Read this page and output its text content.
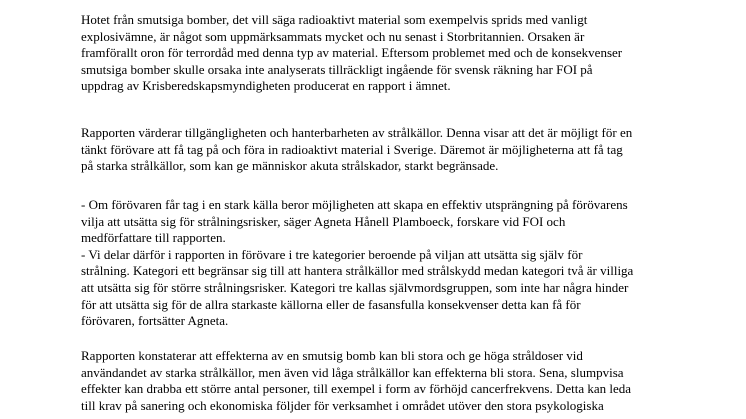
Hotet från smutsiga bomber, det vill säga radioaktivt material som exempelvis sprids med vanligt
explosivämne, är något som uppmärksammats mycket och nu senast i Storbritannien. Orsaken är
framförallt oron för terrordåd med denna typ av material. Eftersom problemet med och de konsekvenser
smutsiga bomber skulle orsaka inte analyserats tillräckligt ingående för svensk räkning har FOI på
uppdrag av Krisberedskapsmyndigheten producerat en rapport i ämnet.
Rapporten värderar tillgängligheten och hanterbarheten av strålkällor. Denna visar att det är möjligt för en
tänkt förövare att få tag på och föra in radioaktivt material i Sverige. Däremot är möjligheterna att få tag
på starka strålkällor, som kan ge människor akuta strålskador, starkt begränsade.
- Om förövaren får tag i en stark källa beror möjligheten att skapa en effektiv utsprängning på förövarens
vilja att utsätta sig för strålningsrisker, säger Agneta Hånell Plamboeck, forskare vid FOI och
medförfattare till rapporten.
- Vi delar därför i rapporten in förövare i tre kategorier beroende på viljan att utsätta sig själv för
strålning. Kategori ett begränsar sig till att hantera strålkällor med strålskydd medan kategori två är villiga
att utsätta sig för större strålningsrisker. Kategori tre kallas självmordsgruppen, som inte har några hinder
för att utsätta sig för de allra starkaste källorna eller de fasansfulla konsekvenser detta kan få för
förövaren, fortsätter Agneta.
Rapporten konstaterar att effekterna av en smutsig bomb kan bli stora och ge höga stråldoser vid
användandet av starka strålkällor, men även vid låga strålkällor kan effekterna bli stora. Sena, slumpvisa
effekter kan drabba ett större antal personer, till exempel i form av förhöjd cancerfrekvens. Detta kan leda
till krav på sanering och ekonomiska följder för verksamhet i området utöver den stora psykologiska
